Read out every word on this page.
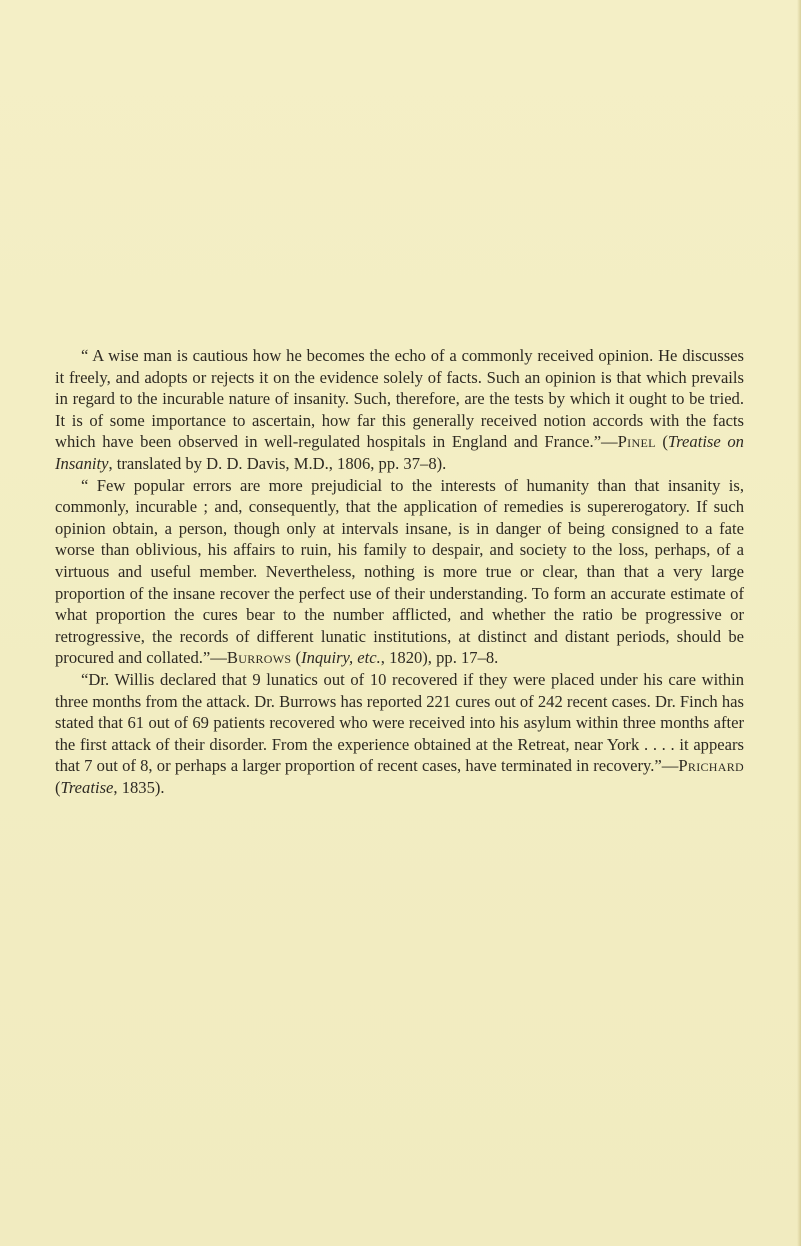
“ A wise man is cautious how he becomes the echo of a commonly received opinion. He discusses it freely, and adopts or rejects it on the evidence solely of facts. Such an opinion is that which prevails in regard to the incurable nature of insanity. Such, therefore, are the tests by which it ought to be tried. It is of some importance to ascertain, how far this generally received notion accords with the facts which have been observed in well-regulated hospitals in England and France.”—Pinel (Treatise on Insanity, translated by D. D. Davis, M.D., 1806, pp. 37–8).

“ Few popular errors are more prejudicial to the interests of humanity than that insanity is, commonly, incurable ; and, consequently, that the application of remedies is supererogatory. If such opinion obtain, a person, though only at intervals insane, is in danger of being consigned to a fate worse than oblivious, his affairs to ruin, his family to despair, and society to the loss, perhaps, of a virtuous and useful member. Nevertheless, nothing is more true or clear, than that a very large proportion of the insane recover the perfect use of their understanding. To form an accurate estimate of what proportion the cures bear to the number afflicted, and whether the ratio be progressive or retrogressive, the records of different lunatic institutions, at distinct and distant periods, should be procured and collated.”—Burrows (Inquiry, etc., 1820), pp. 17–8.

“Dr. Willis declared that 9 lunatics out of 10 recovered if they were placed under his care within three months from the attack. Dr. Burrows has reported 221 cures out of 242 recent cases. Dr. Finch has stated that 61 out of 69 patients recovered who were received into his asylum within three months after the first attack of their disorder. From the experience obtained at the Retreat, near York . . . . it appears that 7 out of 8, or perhaps a larger proportion of recent cases, have terminated in recovery.”—Prichard (Treatise, 1835).
